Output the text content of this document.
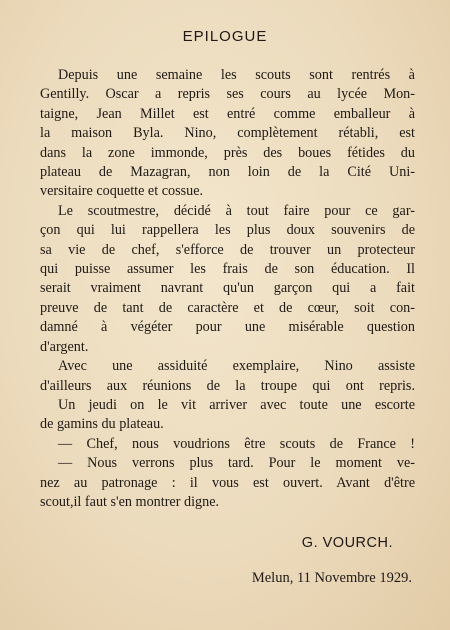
EPILOGUE
Depuis une semaine les scouts sont rentrés à
Gentilly. Oscar a repris ses cours au lycée Mon-
taigne, Jean Millet est entré comme emballeur à
la maison Byla. Nino, complètement rétabli, est
dans la zone immonde, près des boues fétides du
plateau de Mazagran, non loin de la Cité Uni-
versitaire coquette et cossue.
Le scoutmestre, décidé à tout faire pour ce gar-
çon qui lui rappellera les plus doux souvenirs de
sa vie de chef, s'efforce de trouver un protecteur
qui puisse assumer les frais de son éducation. Il
serait vraiment navrant qu'un garçon qui a fait
preuve de tant de caractère et de cœur, soit con-
damné à végéter pour une misérable question
d'argent.
Avec une assiduité exemplaire, Nino assiste
d'ailleurs aux réunions de la troupe qui ont repris.
Un jeudi on le vit arriver avec toute une escorte
de gamins du plateau.
— Chef, nous voudrions être scouts de France !
— Nous verrons plus tard. Pour le moment ve-
nez au patronage : il vous est ouvert. Avant d'être
scout,il faut s'en montrer digne.
G. VOURCH.
Melun, 11 Novembre 1929.
